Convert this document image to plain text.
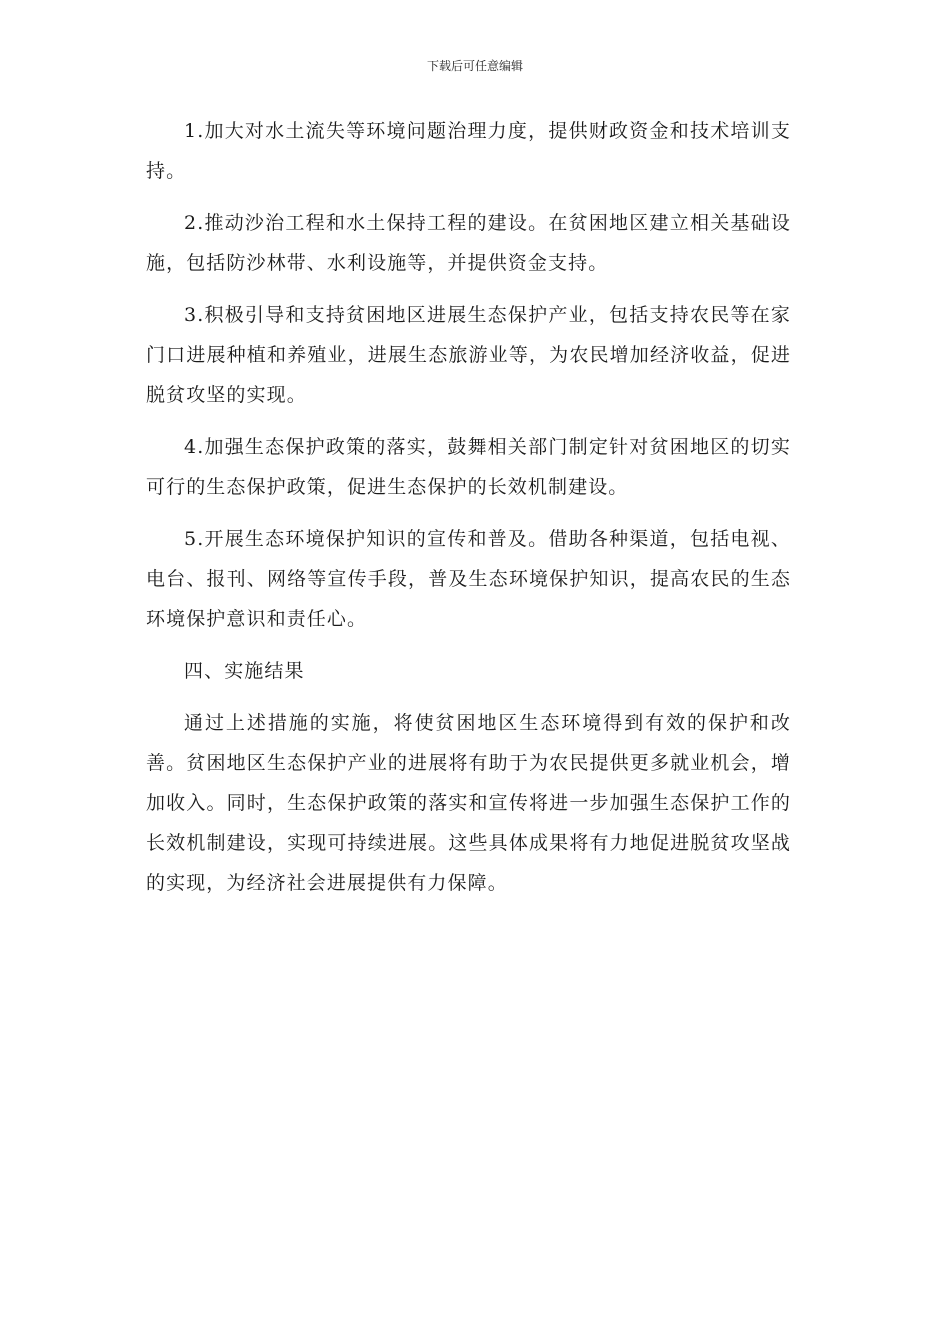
下载后可任意编辑

1.加大对水土流失等环境问题治理力度，提供财政资金和技术培训支持。

2.推动沙治工程和水土保持工程的建设。在贫困地区建立相关基础设施，包括防沙林带、水利设施等，并提供资金支持。

3.积极引导和支持贫困地区进展生态保护产业，包括支持农民等在家门口进展种植和养殖业，进展生态旅游业等，为农民增加经济收益，促进脱贫攻坚的实现。

4.加强生态保护政策的落实，鼓舞相关部门制定针对贫困地区的切实可行的生态保护政策，促进生态保护的长效机制建设。

5.开展生态环境保护知识的宣传和普及。借助各种渠道，包括电视、电台、报刊、网络等宣传手段，普及生态环境保护知识，提高农民的生态环境保护意识和责任心。

四、实施结果

通过上述措施的实施，将使贫困地区生态环境得到有效的保护和改善。贫困地区生态保护产业的进展将有助于为农民提供更多就业机会，增加收入。同时，生态保护政策的落实和宣传将进一步加强生态保护工作的长效机制建设，实现可持续进展。这些具体成果将有力地促进脱贫攻坚战的实现，为经济社会进展提供有力保障。
